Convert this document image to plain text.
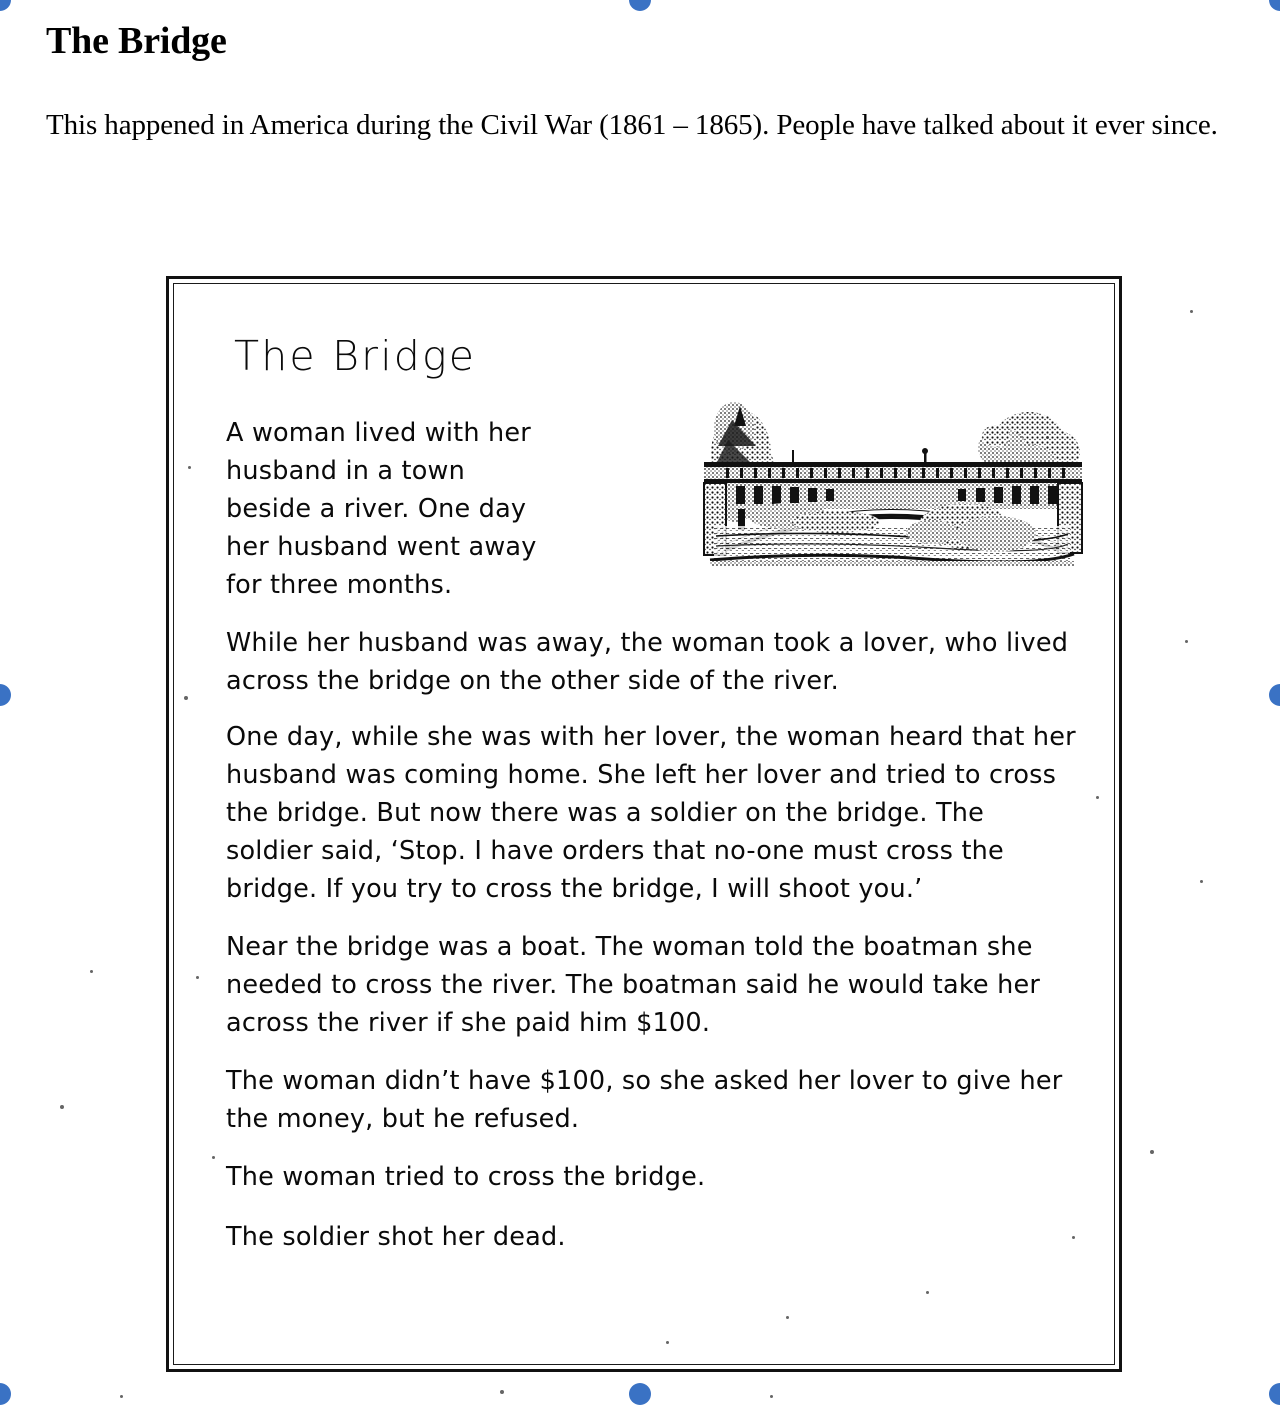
The Bridge
This happened in America during the Civil War (1861 – 1865). People have talked about it ever since.
The Bridge

A woman lived with her husband in a town beside a river. One day her husband went away for three months.

While her husband was away, the woman took a lover, who lived across the bridge on the other side of the river.

One day, while she was with her lover, the woman heard that her husband was coming home. She left her lover and tried to cross the bridge. But now there was a soldier on the bridge. The soldier said, ‘Stop. I have orders that no-one must cross the bridge. If you try to cross the bridge, I will shoot you.’

Near the bridge was a boat. The woman told the boatman she needed to cross the river. The boatman said he would take her across the river if she paid him $100.

The woman didn’t have $100, so she asked her lover to give her the money, but he refused.

The woman tried to cross the bridge.

The soldier shot her dead.
